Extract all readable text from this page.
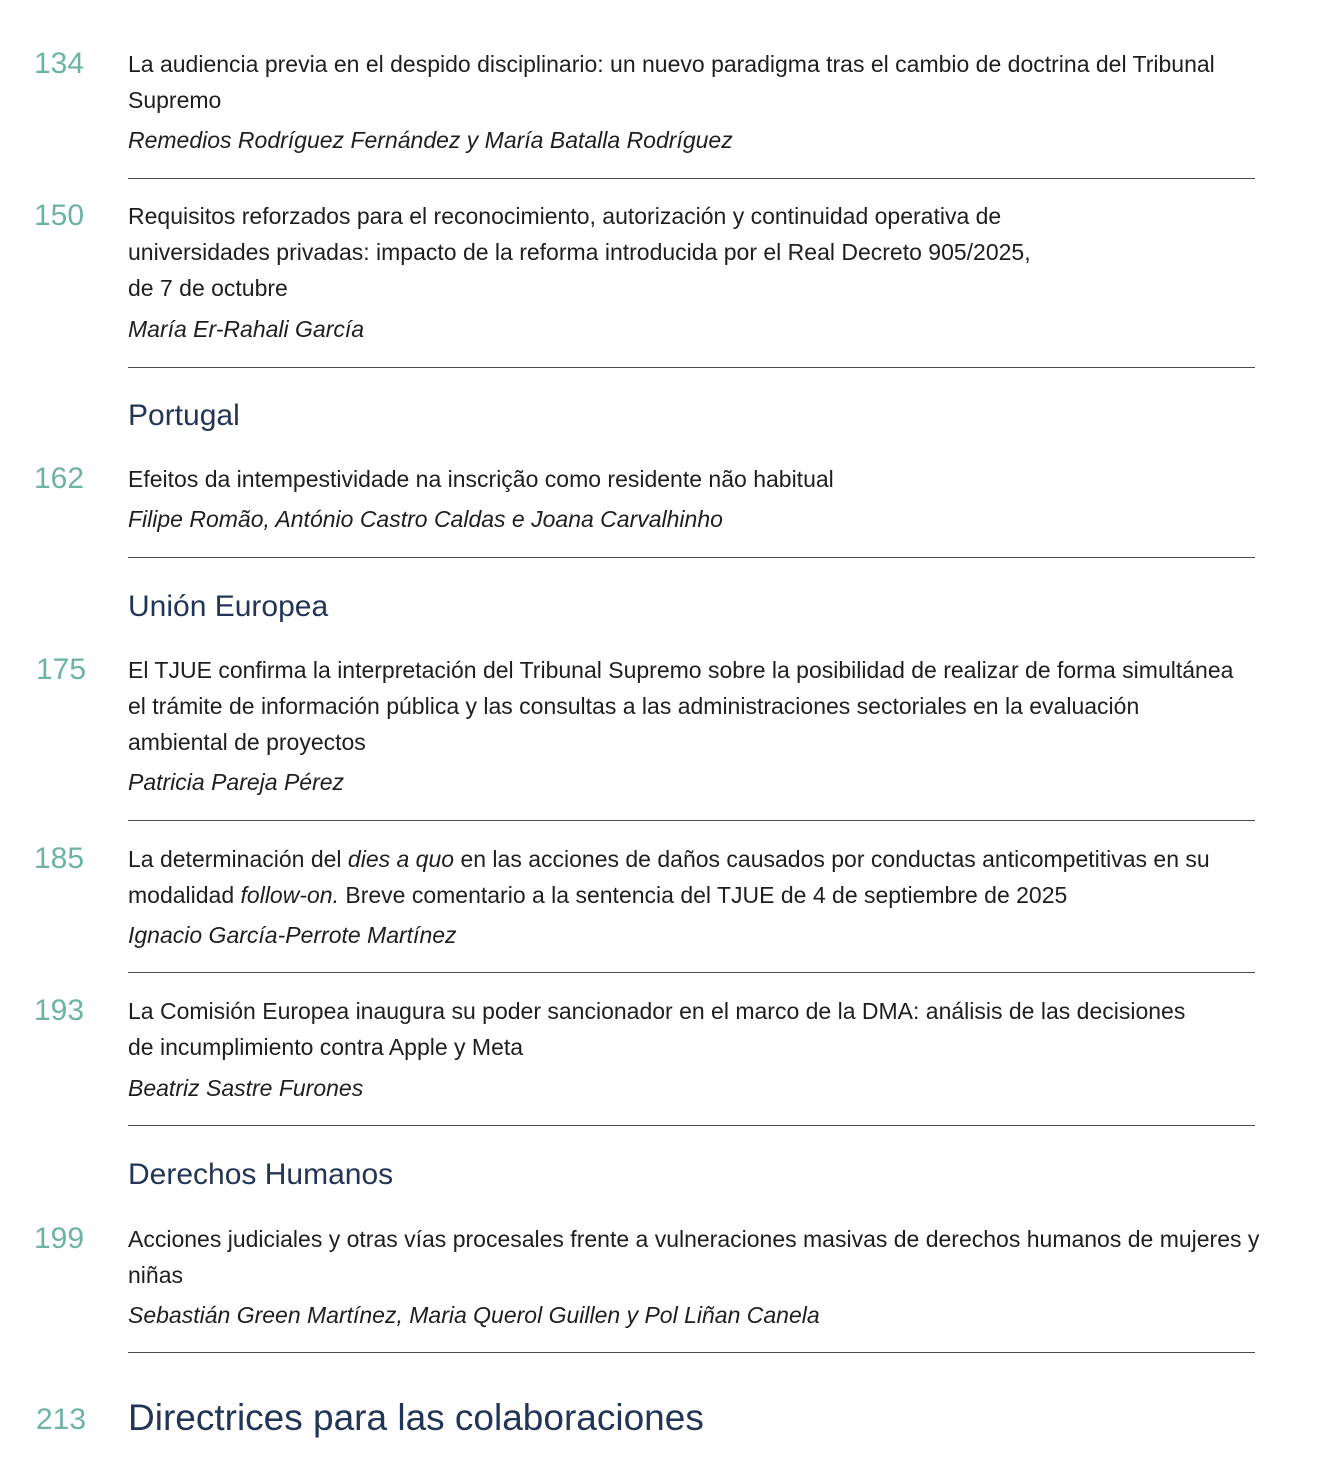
134 La audiencia previa en el despido disciplinario: un nuevo paradigma tras el cambio de doctrina del Tribunal Supremo

Remedios Rodríguez Fernández y María Batalla Rodríguez
150 Requisitos reforzados para el reconocimiento, autorización y continuidad operativa de
universidades privadas: impacto de la reforma introducida por el Real Decreto 905/2025,
de 7 de octubre
María Er-Rahali García
Portugal
162 Efeitos da intempestividade na inscrição como residente não habitual

Filipe Romão, António Castro Caldas e Joana Carvalhinho
Unión Europea
175 El TJUE confirma la interpretación del Tribunal Supremo sobre la posibilidad de realizar de forma simultánea el trámite de información pública y las consultas a las administraciones sectoriales en la evaluación ambiental de proyectos

Patricia Pareja Pérez
185 La determinación del dies a quo en las acciones de daños causados por conductas anticompetitivas en su modalidad follow-on. Breve comentario a la sentencia del TJUE de 4 de septiembre de 2025

Ignacio García-Perrote Martínez
193 La Comisión Europea inaugura su poder sancionador en el marco de la DMA: análisis de las decisiones de incumplimiento contra Apple y Meta

Beatriz Sastre Furones
Derechos Humanos
199 Acciones judiciales y otras vías procesales frente a vulneraciones masivas de derechos humanos de mujeres y niñas

Sebastián Green Martínez, Maria Querol Guillen y Pol Liñan Canela
213 Directrices para las colaboraciones
